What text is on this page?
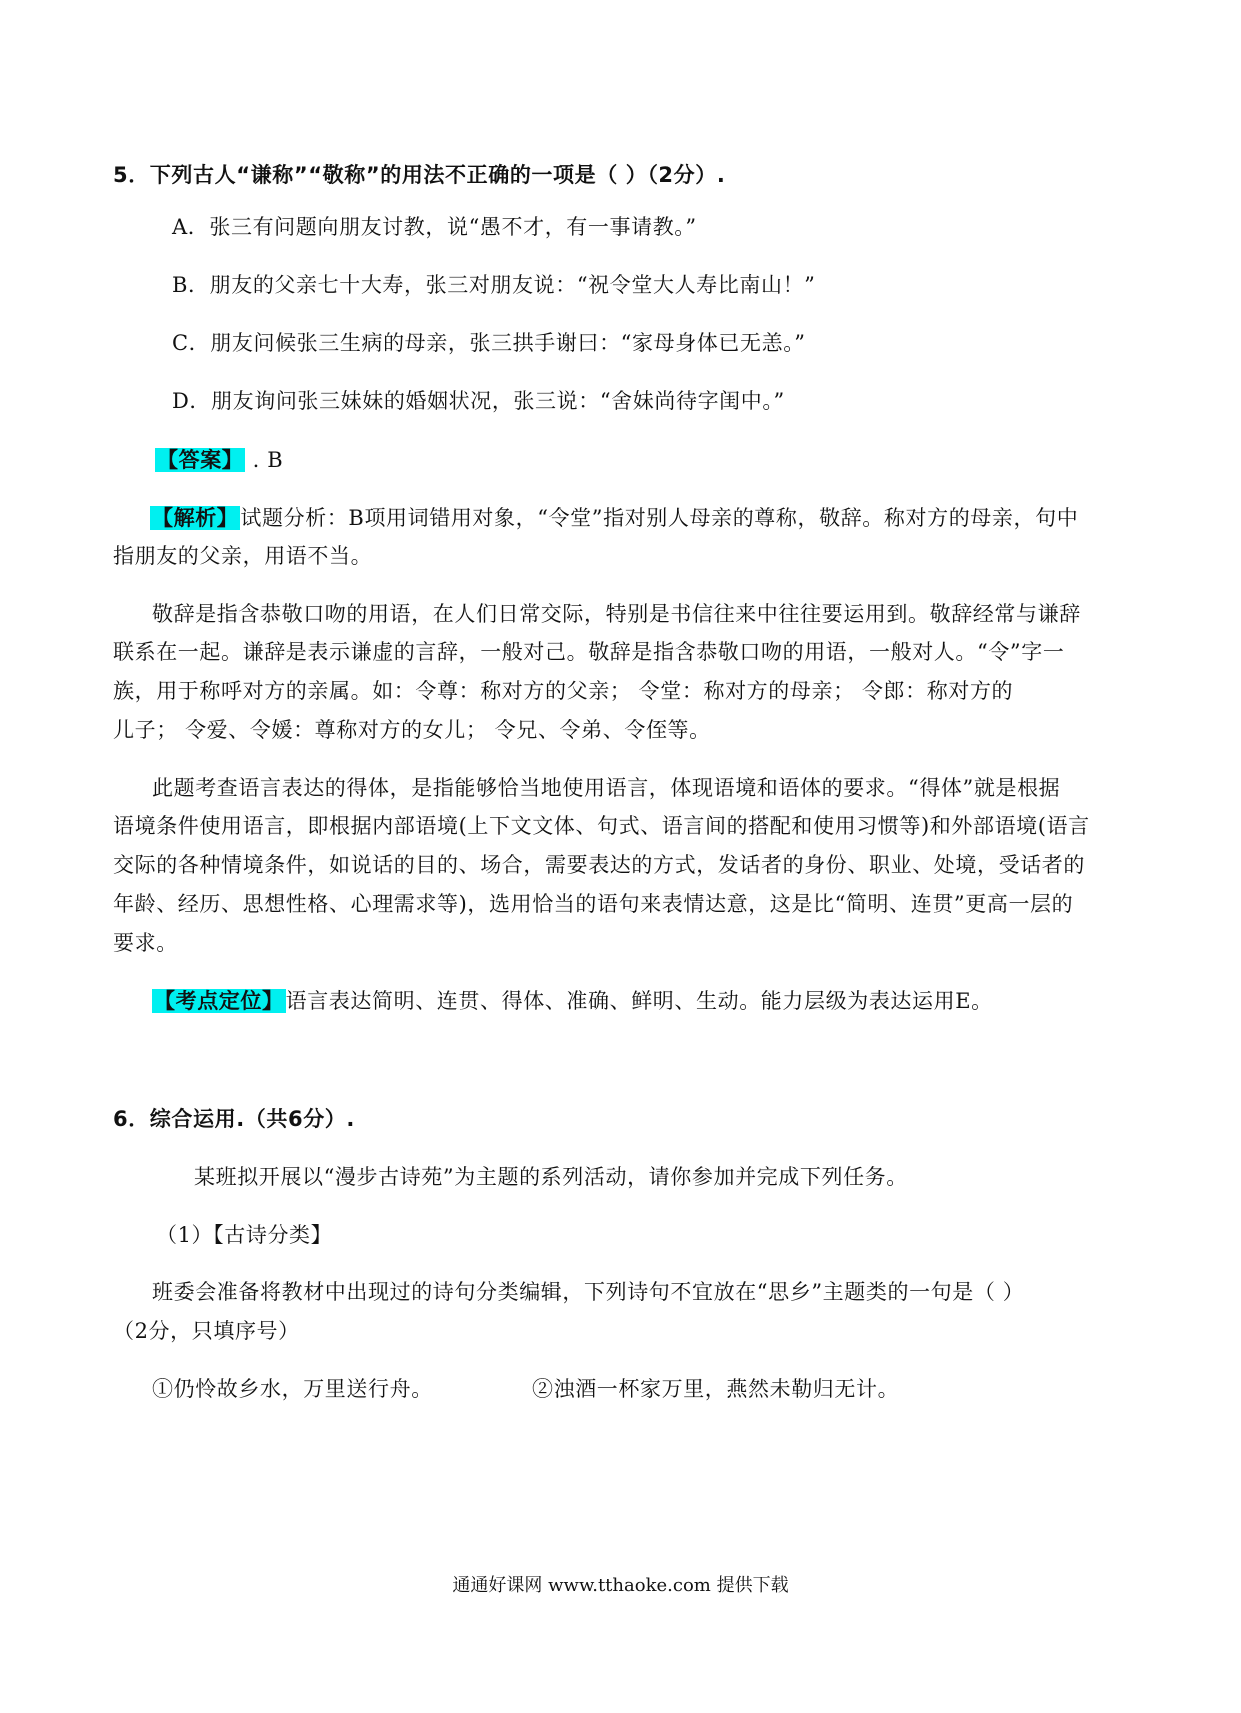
5．下列古人“谦称”“敬称”的用法不正确的一项是（ ）（2分）.
A．张三有问题向朋友讨教，说“愚不才，有一事请教。”
B．朋友的父亲七十大寿，张三对朋友说：“祝令堂大人寿比南山！”
C．朋友问候张三生病的母亲，张三拱手谢曰：“家母身体已无恙。”
D．朋友询问张三妹妹的婚姻状况，张三说：“舍妹尚待字闺中。”
【答案】 . B
【解析】试题分析：B项用词错用对象，“令堂”指对别人母亲的尊称，敬辞。称对方的母亲，句中
指朋友的父亲，用语不当。
敬辞是指含恭敬口吻的用语，在人们日常交际，特别是书信往来中往往要运用到。敬辞经常与谦辞
联系在一起。谦辞是表示谦虚的言辞，一般对己。敬辞是指含恭敬口吻的用语，一般对人。“令”字一
族，用于称呼对方的亲属。如：令尊：称对方的父亲； 令堂：称对方的母亲； 令郎：称对方的
儿子； 令爱、令媛：尊称对方的女儿； 令兄、令弟、令侄等。
此题考查语言表达的得体，是指能够恰当地使用语言，体现语境和语体的要求。“得体”就是根据
语境条件使用语言，即根据内部语境(上下文文体、句式、语言间的搭配和使用习惯等)和外部语境(语言
交际的各种情境条件，如说话的目的、场合，需要表达的方式，发话者的身份、职业、处境，受话者的
年龄、经历、思想性格、心理需求等)，选用恰当的语句来表情达意，这是比“简明、连贯”更高一层的
要求。
【考点定位】语言表达简明、连贯、得体、准确、鲜明、生动。能力层级为表达运用E。
6．综合运用.（共6分）.
某班拟开展以“漫步古诗苑”为主题的系列活动，请你参加并完成下列任务。
（1）【古诗分类】
班委会准备将教材中出现过的诗句分类编辑，下列诗句不宜放在“思乡”主题类的一句是（ ）
（2分，只填序号）
①仍怜故乡水，万里送行舟。	②浊酒一杯家万里，燕然未勒归无计。
通通好课网 www.tthaoke.com 提供下载
